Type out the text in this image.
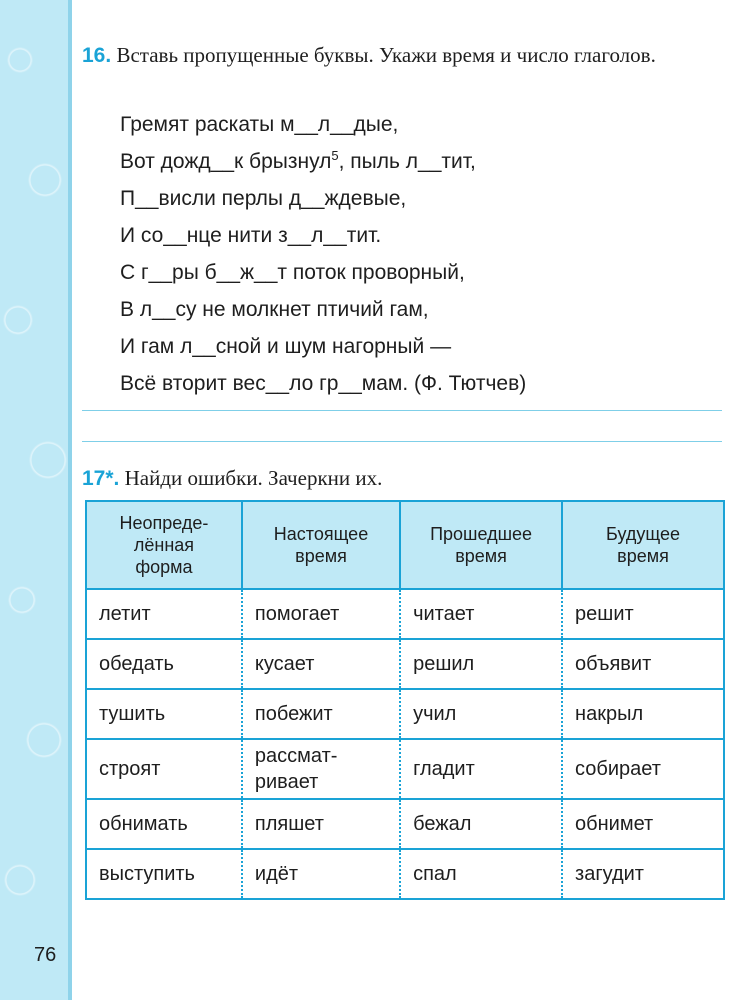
16. Вставь пропущенные буквы. Укажи время и число глаголов.
Гремят раскаты м__л__дые,
Вот дожд__к брызнул$^5$, пыль л__тит,
П__висли перлы д__ждевые,
И со__нце нити з__л__тит.
С г__ры б__ж__т поток проворный,
В л__су не молкнет птичий гам,
И гам л__сной и шум нагорный —
Всё вторит вес__ло гр__мам. (Ф. Тютчев)
17*. Найди ошибки. Зачеркни их.
Неопреде-
лённая
форма	Настоящее
время	Прошедшее
время	Будущее
время
летит	помогает	читает	решит
обедать	кусает	решил	объявит
тушить	побежит	учил	накрыл
строят	рассмат-
ривает	гладит	собирает
обнимать	пляшет	бежал	обнимет
выступить	идёт	спал	загудит
76
